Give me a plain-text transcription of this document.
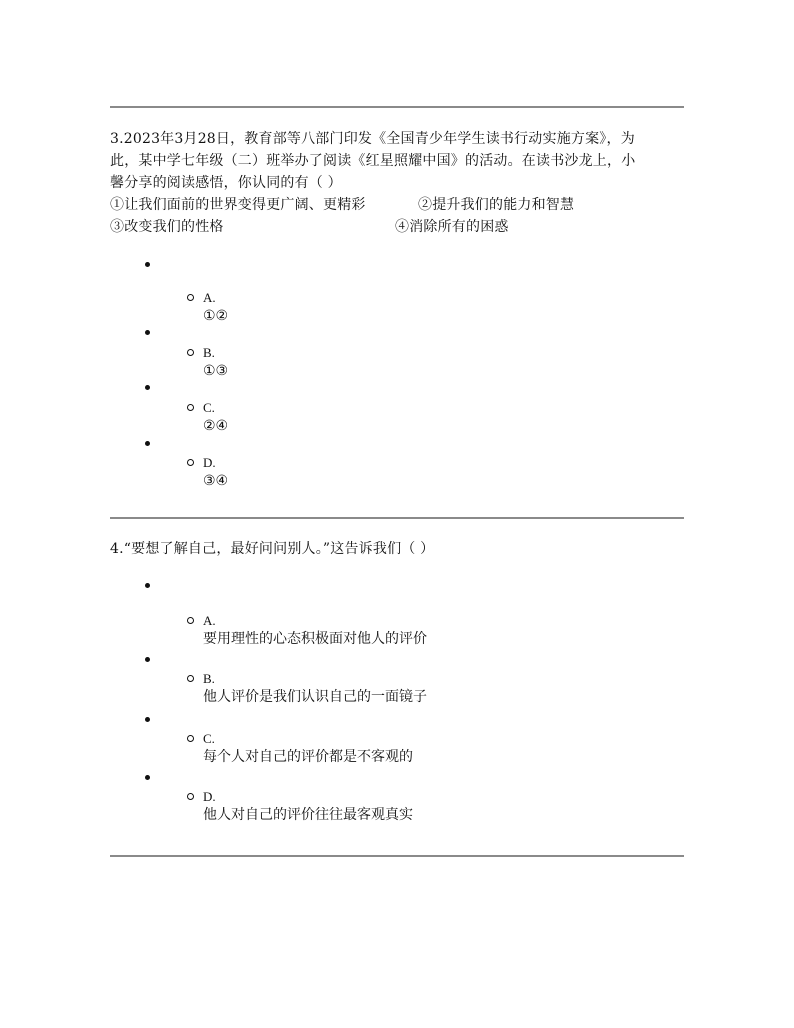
3.2023年3月28日，教育部等八部门印发《全国青少年学生读书行动实施方案》，为
此，某中学七年级（二）班举办了阅读《红星照耀中国》的活动。在读书沙龙上，小
馨分享的阅读感悟，你认同的有（ ）
①让我们面前的世界变得更广阔、更精彩	②提升我们的能力和智慧
③改变我们的性格	④消除所有的困惑
A.
①②
B.
①③
C.
②④
D.
③④
4.“要想了解自己，最好问问别人。”这告诉我们（ ）
A.
要用理性的心态积极面对他人的评价
B.
他人评价是我们认识自己的一面镜子
C.
每个人对自己的评价都是不客观的
D.
他人对自己的评价往往最客观真实
